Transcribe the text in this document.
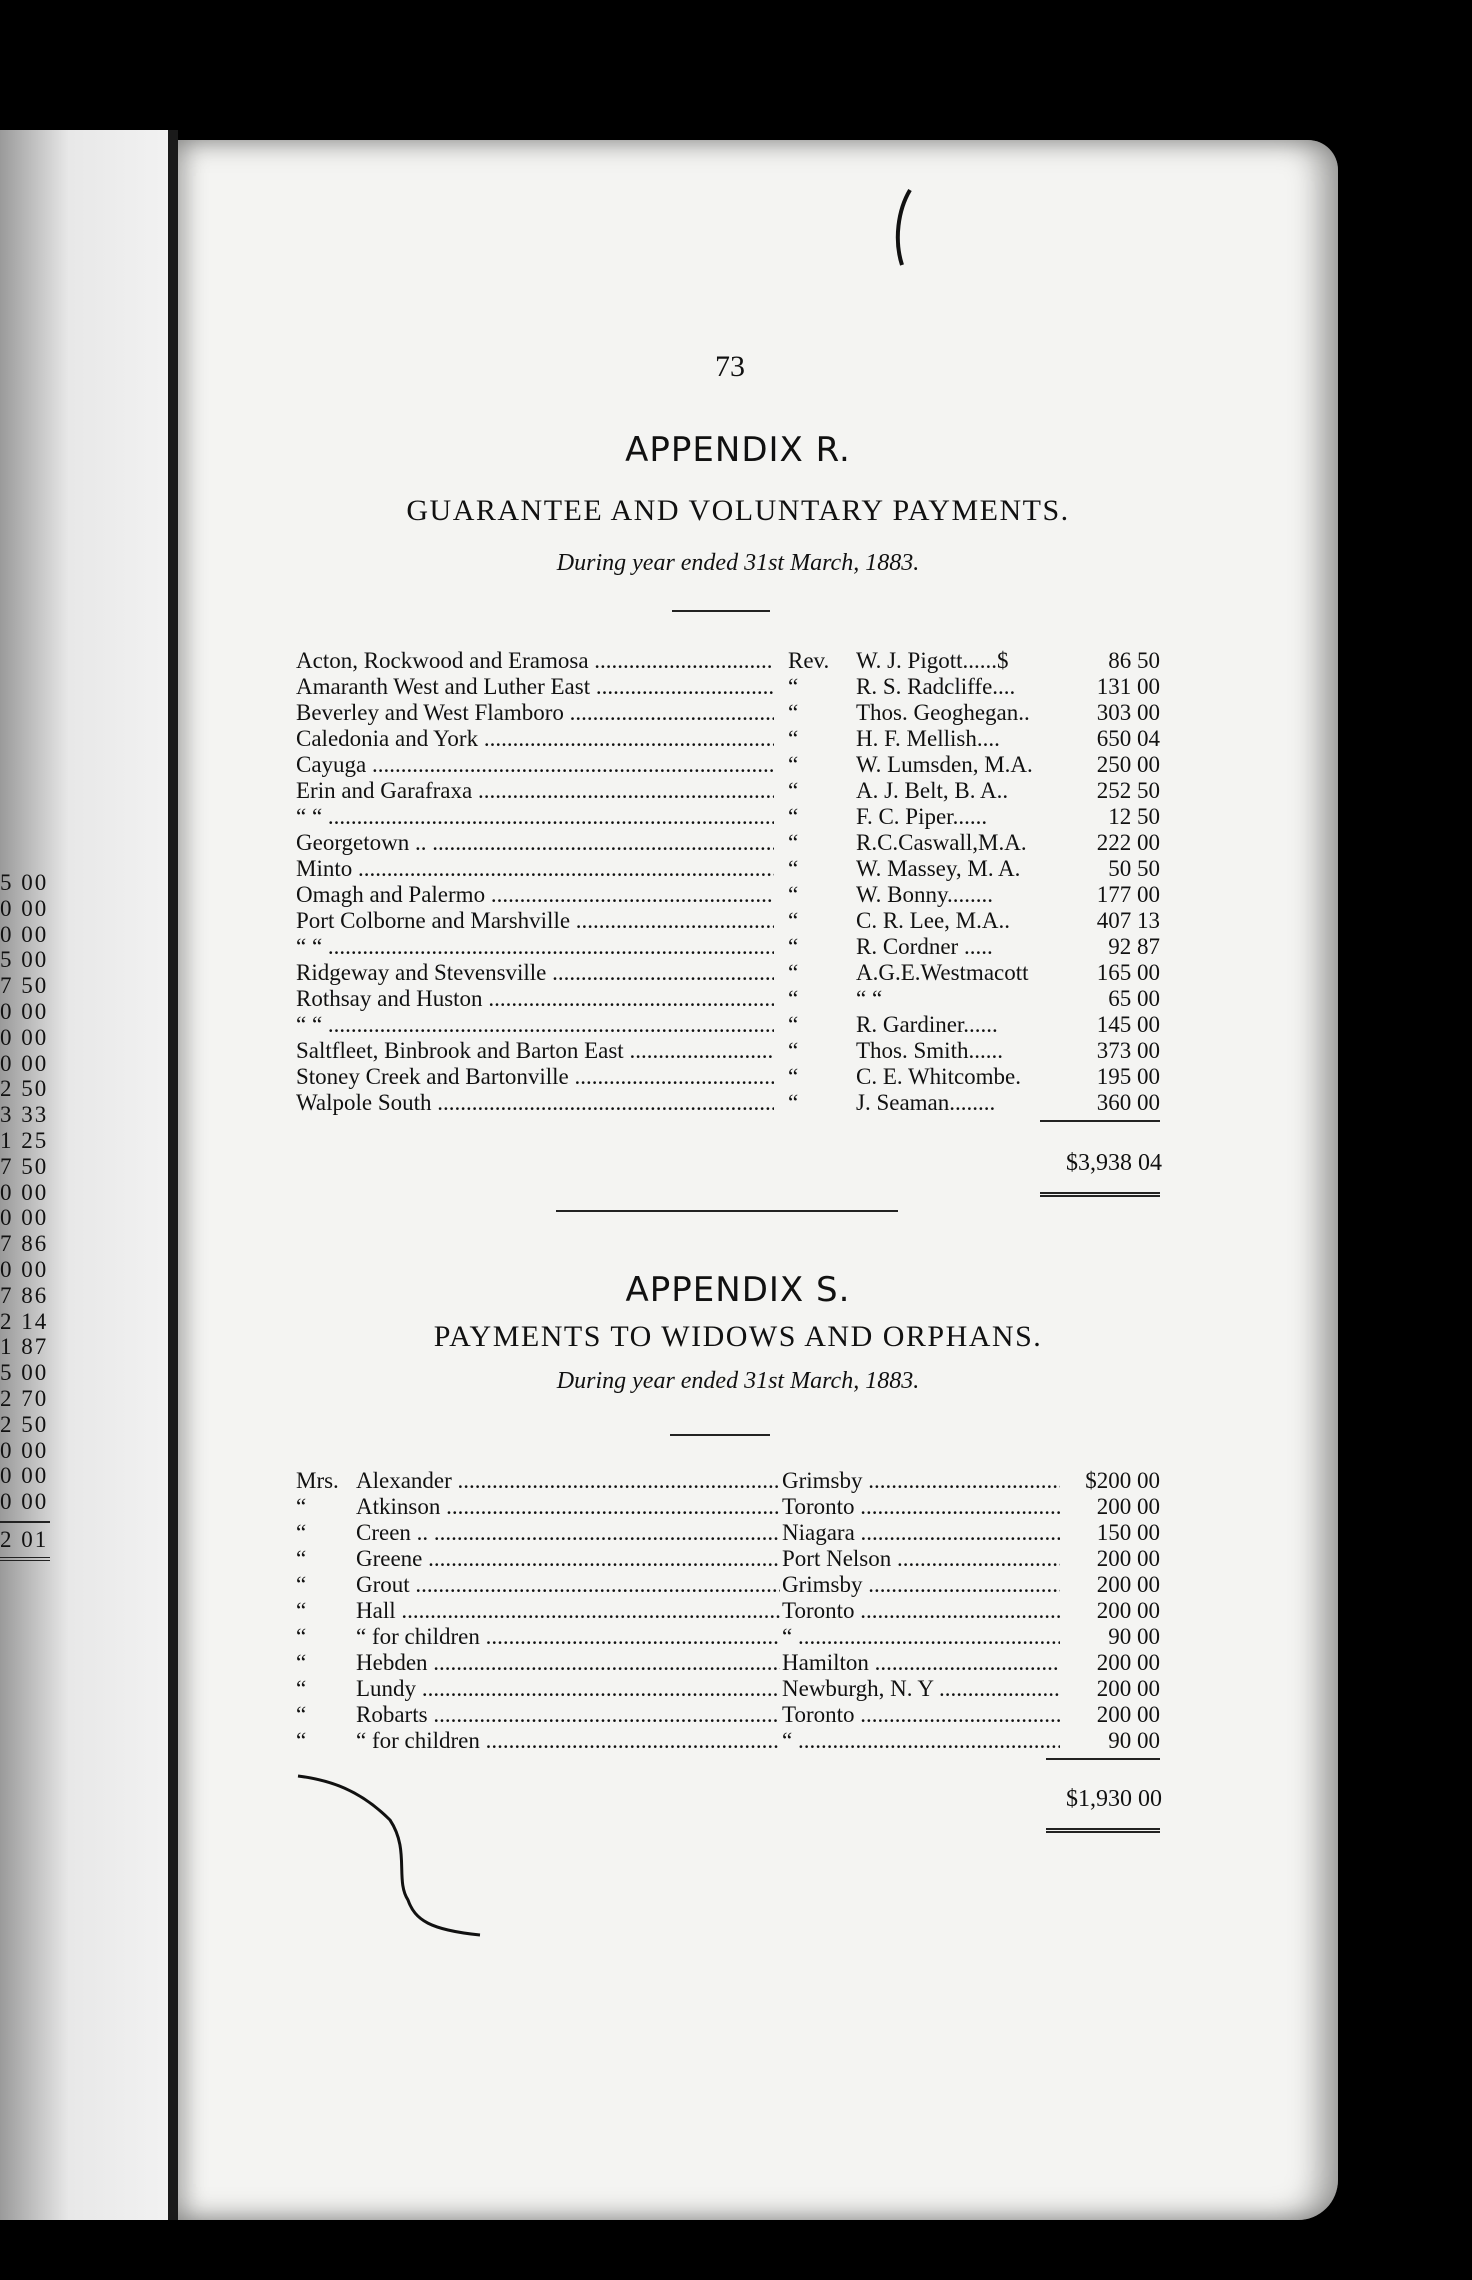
5 00
0 00
0 00
5 00
7 50
0 00
0 00
0 00
2 50
3 33
1 25
7 50
0 00
0 00
7 86
0 00
7 86
2 14
1 87
5 00
2 70
2 50
0 00
0 00
0 00
2 01
73
APPENDIX R.
GUARANTEE AND VOLUNTARY PAYMENTS.
During year ended 31st March, 1883.
Acton, Rockwood and Eramosa .....	Rev. W. J. Pigott......$	86 50
Amaranth West and Luther East .....	“	R. S. Radcliffe....	131 00
Beverley and West Flamboro .....	“	Thos. Geoghegan..	303 00
Caledonia and York .....	“	H. F. Mellish....	650 04
Cayuga .....	“	W. Lumsden, M.A.	250 00
Erin and Garafraxa .....	“	A. J. Belt, B. A..	252 50
“ “ .....	“	F. C. Piper......	12 50
Georgetown .. .....	“	R.C.Caswall,M.A.	222 00
Minto .....	“	W. Massey, M. A.	50 50
Omagh and Palermo .....	“	W. Bonny........	177 00
Port Colborne and Marshville .....	“	C. R. Lee, M.A..	407 13
“ “ .....	“	R. Cordner .....	92 87
Ridgeway and Stevensville .....	“	A.G.E.Westmacott	165 00
Rothsay and Huston .....	“	“ “	65 00
“ “ .....	“	R. Gardiner......	145 00
Saltfleet, Binbrook and Barton East .....	“	Thos. Smith......	373 00
Stoney Creek and Bartonville .....	“	C. E. Whitcombe.	195 00
Walpole South .....	“	J. Seaman........	360 00
$3,938 04
APPENDIX S.
PAYMENTS TO WIDOWS AND ORPHANS.
During year ended 31st March, 1883.
Mrs. Alexander .....	Grimsby .....	$200 00
“	Atkinson .....	Toronto .....	200 00
“	Creen .. .....	Niagara .....	150 00
“	Greene .....	Port Nelson .....	200 00
“	Grout .....	Grimsby .....	200 00
“	Hall .....	Toronto .....	200 00
“	“ for children .....	“ .....	90 00
“	Hebden .....	Hamilton .....	200 00
“	Lundy .....	Newburgh, N. Y .....	200 00
“	Robarts .....	Toronto .....	200 00
“	“ for children .....	“ .....	90 00
$1,930 00
